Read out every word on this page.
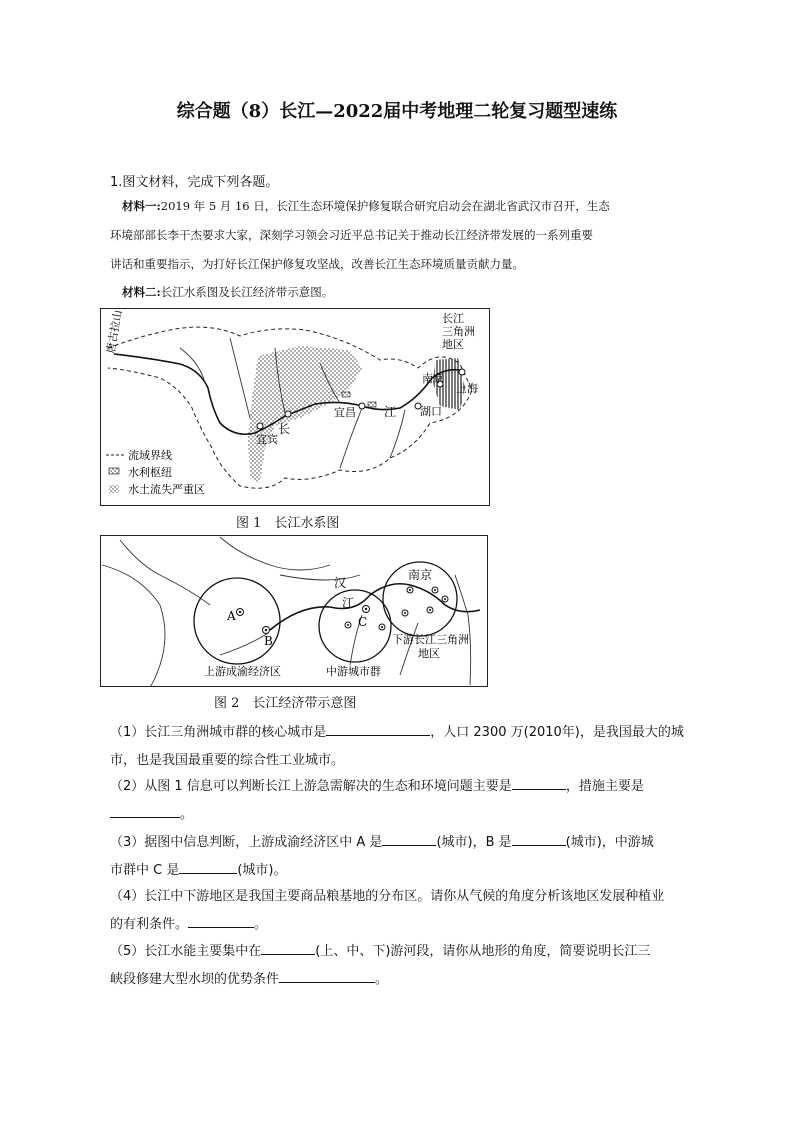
综合题（8）长江—2022届中考地理二轮复习题型速练
1.图文材料，完成下列各题。
材料一:2019 年 5 月 16 日，长江生态环境保护修复联合研究启动会在湖北省武汉市召开，生态
环境部部长李干杰要求大家，深刻学习领会习近平总书记关于推动长江经济带发展的一系列重要
讲话和重要指示，为打好长江保护修复攻坚战，改善长江生态环境质量贡献力量。
材料二:长江水系图及长江经济带示意图。
唐古拉山	长江
三角洲
地区
南京
上海
宜昌
宜宾
湖口
长
江
流域界线
水利枢纽
水土流失严重区
图 1　长江水系图
A
B
C
汉
江
南京
上游成渝经济区	中游城市群
下游长江三角洲
地区
图 2　长江经济带示意图
（1）长江三角洲城市群的核心城市是	，人口 2300 万(2010年)，是我国最大的城
市，也是我国最重要的综合性工业城市。
（2）从图 1 信息可以判断长江上游急需解决的生态和环境问题主要是	，措施主要是
。
（3）据图中信息判断，上游成渝经济区中 A 是	(城市)，B 是	(城市)，中游城
市群中 C 是	(城市)。
（4）长江中下游地区是我国主要商品粮基地的分布区。请你从气候的角度分析该地区发展种植业
的有利条件。	。
（5）长江水能主要集中在	(上、中、下)游河段，请你从地形的角度，简要说明长江三
峡段修建大型水坝的优势条件	。
